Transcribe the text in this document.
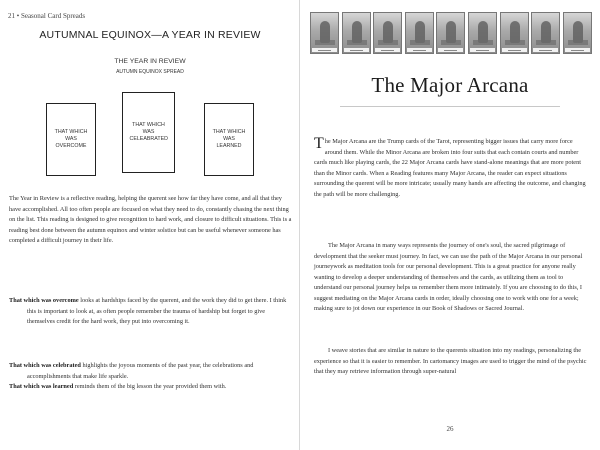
21 • Seasonal Card Spreads
AUTUMNAL EQUINOX—A YEAR IN REVIEW
THE YEAR IN REVIEW
AUTUMN EQUINOX SPREAD
THAT WHICH WAS OVERCOME
THAT WHICH WAS CELEABRATED
THAT WHICH WAS LEARNED
The Year in Review is a reflective reading, helping the querent see how far they have come, and all that they have accomplished. All too often people are focused on what they need to do, constantly chasing the next thing on the list. This reading is designed to give recognition to hard work, and closure to difficult situations. This is a reading best done between the autumn equinox and winter solstice but can be useful whenever someone has completed a difficult journey in their life.
That which was overcome looks at hardships faced by the querent, and the work they did to get there. I think this is important to look at, as often people remember the trauma of hardship but forget to give themselves credit for the hard work, they put into overcoming it.
That which was celebrated highlights the joyous moments of the past year, the celebrations and accomplishments that make life sparkle.
That which was learned reminds them of the big lesson the year provided them with.
The Major Arcana
The Major Arcana are the Trump cards of the Tarot, representing bigger issues that carry more force around them. While the Minor Arcana are broken into four suits that each contain courts and number cards much like playing cards, the 22 Major Arcana cards have stand-alone meanings that are more potent than the Minor cards. When a Reading features many Major Arcana, the reader can expect situations surrounding the querent will be more intricate; usually many hands are affecting the outcome, and changing the path will be more challenging.
The Major Arcana in many ways represents the journey of one's soul, the sacred pilgrimage of development that the seeker must journey. In fact, we can use the path of the Major Arcana in our personal journeywork as meditation tools for our personal development. This is a great practice for anyone really wanting to develop a deeper understanding of themselves and the cards, as utilizing them as tool to understand our personal journey helps us remember them more intimately. If you are choosing to do this, I suggest mediating on the Major Arcana cards in order, ideally choosing one to work with one for a week; making sure to jot down our experience in our Book of Shadows or Sacred Journal.
I weave stories that are similar in nature to the querents situation into my readings, personalizing the experience so that it is easier to remember. In cartomancy images are used to trigger the mind of the psychic that they may retrieve information through super-natural
26
